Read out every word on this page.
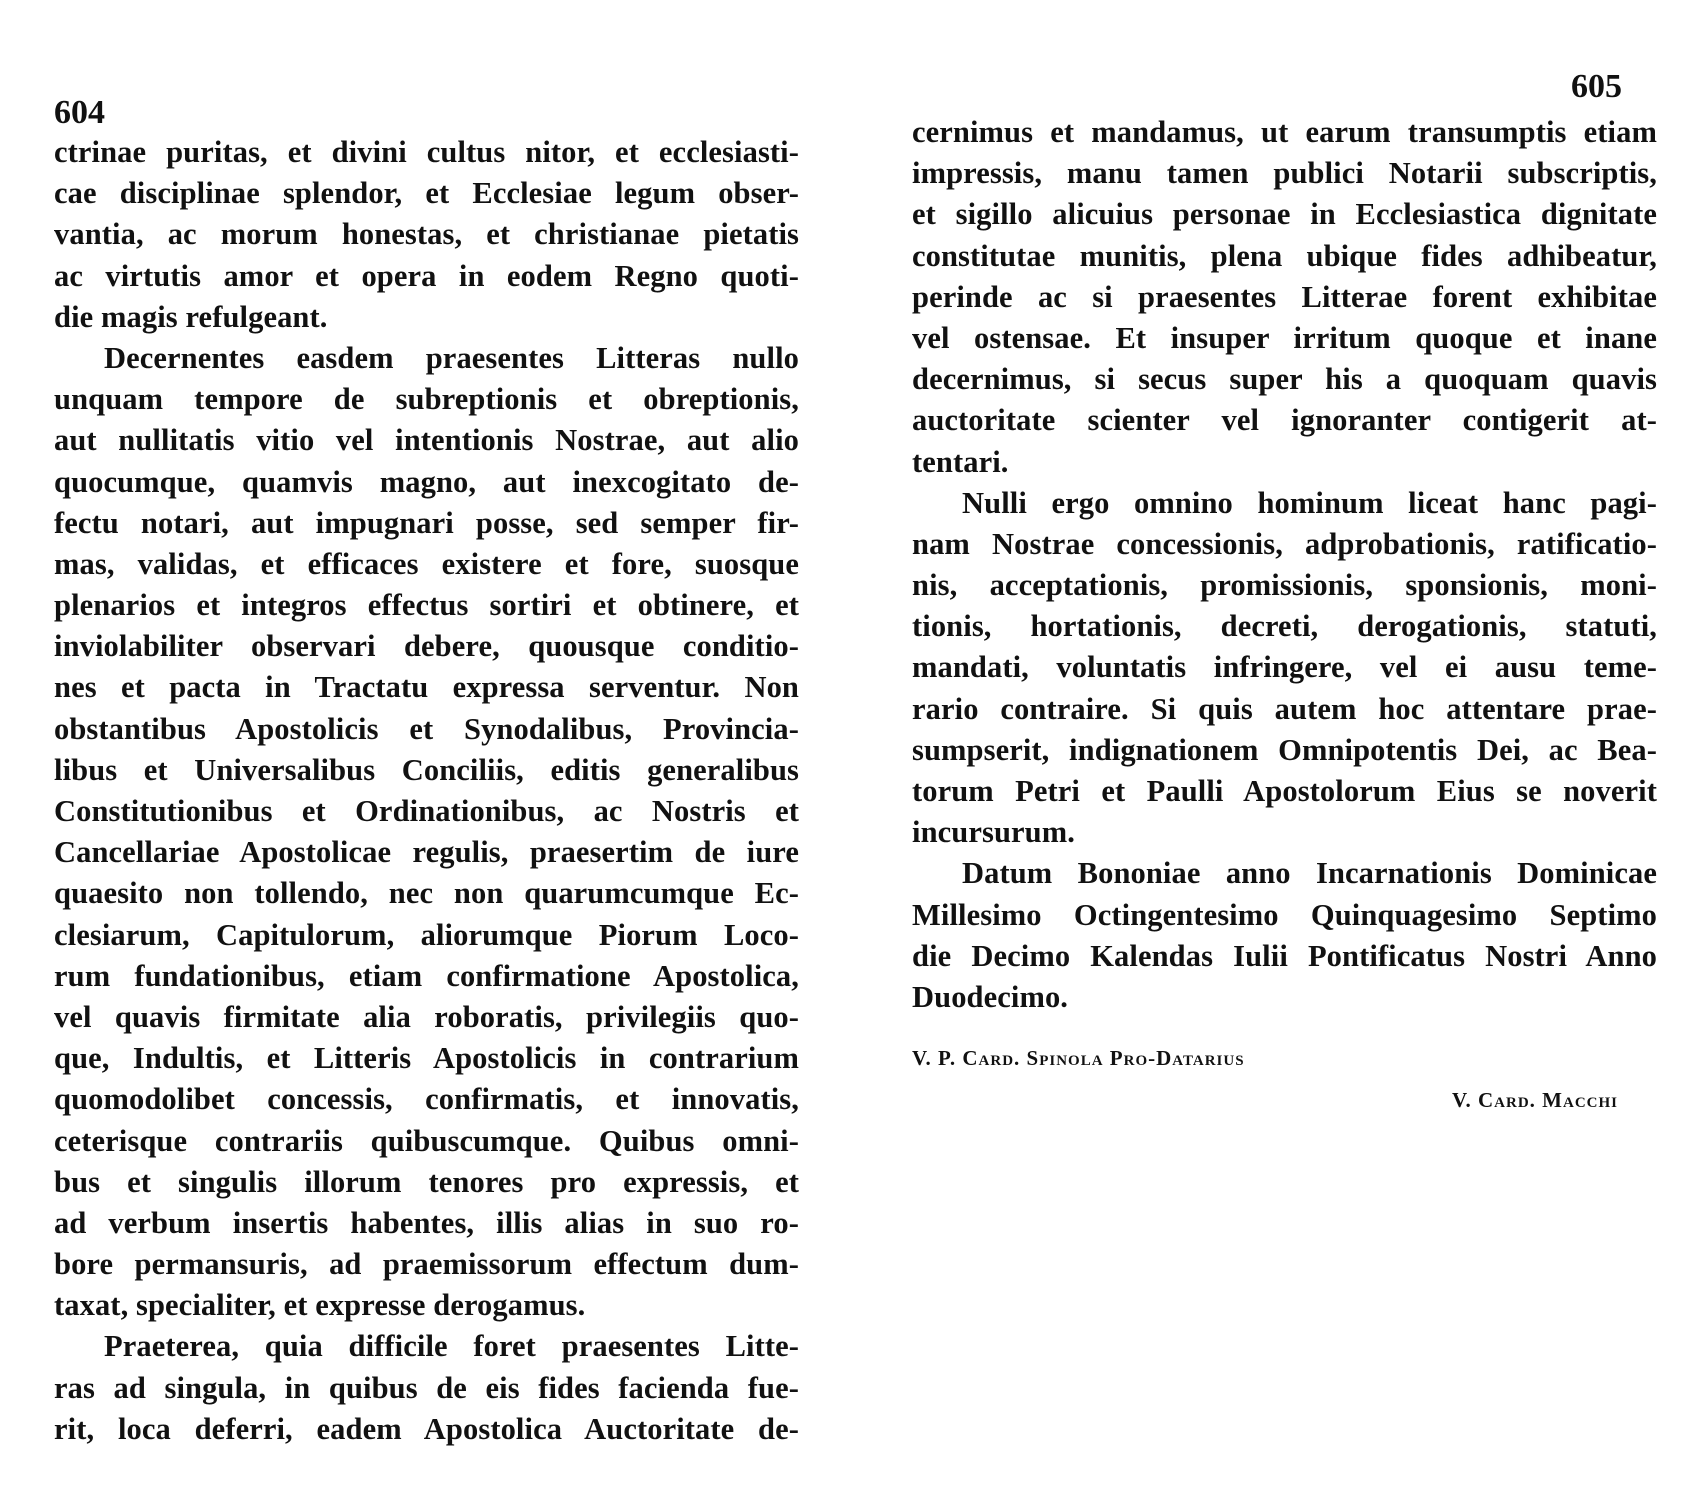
604
605
ctrinae puritas, et divini cultus nitor, et ecclesiasti-
cae disciplinae splendor, et Ecclesiae legum obser-
vantia, ac morum honestas, et christianae pietatis
ac virtutis amor et opera in eodem Regno quoti-
die magis refulgeant.
Decernentes easdem praesentes Litteras nullo
unquam tempore de subreptionis et obreptionis,
aut nullitatis vitio vel intentionis Nostrae, aut alio
quocumque, quamvis magno, aut inexcogitato de-
fectu notari, aut impugnari posse, sed semper fir-
mas, validas, et efficaces existere et fore, suosque
plenarios et integros effectus sortiri et obtinere, et
inviolabiliter observari debere, quousque conditio-
nes et pacta in Tractatu expressa serventur. Non
obstantibus Apostolicis et Synodalibus, Provincia-
libus et Universalibus Conciliis, editis generalibus
Constitutionibus et Ordinationibus, ac Nostris et
Cancellariae Apostolicae regulis, praesertim de iure
quaesito non tollendo, nec non quarumcumque Ec-
clesiarum, Capitulorum, aliorumque Piorum Loco-
rum fundationibus, etiam confirmatione Apostolica,
vel quavis firmitate alia roboratis, privilegiis quo-
que, Indultis, et Litteris Apostolicis in contrarium
quomodolibet concessis, confirmatis, et innovatis,
ceterisque contrariis quibuscumque. Quibus omni-
bus et singulis illorum tenores pro expressis, et
ad verbum insertis habentes, illis alias in suo ro-
bore permansuris, ad praemissorum effectum dum-
taxat, specialiter, et expresse derogamus.
Praeterea, quia difficile foret praesentes Litte-
ras ad singula, in quibus de eis fides facienda fue-
rit, loca deferri, eadem Apostolica Auctoritate de-
cernimus et mandamus, ut earum transumptis etiam
impressis, manu tamen publici Notarii subscriptis,
et sigillo alicuius personae in Ecclesiastica dignitate
constitutae munitis, plena ubique fides adhibeatur,
perinde ac si praesentes Litterae forent exhibitae
vel ostensae. Et insuper irritum quoque et inane
decernimus, si secus super his a quoquam quavis
auctoritate scienter vel ignoranter contigerit at-
tentari.
Nulli ergo omnino hominum liceat hanc pagi-
nam Nostrae concessionis, adprobationis, ratificatio-
nis, acceptationis, promissionis, sponsionis, moni-
tionis, hortationis, decreti, derogationis, statuti,
mandati, voluntatis infringere, vel ei ausu teme-
rario contraire. Si quis autem hoc attentare prae-
sumpserit, indignationem Omnipotentis Dei, ac Bea-
torum Petri et Paulli Apostolorum Eius se noverit
incursurum.
Datum Bononiae anno Incarnationis Dominicae
Millesimo Octingentesimo Quinquagesimo Septimo
die Decimo Kalendas Iulii Pontificatus Nostri Anno
Duodecimo.
V. P. Card. Spinola Pro-Datarius
V. Card. Macchi
